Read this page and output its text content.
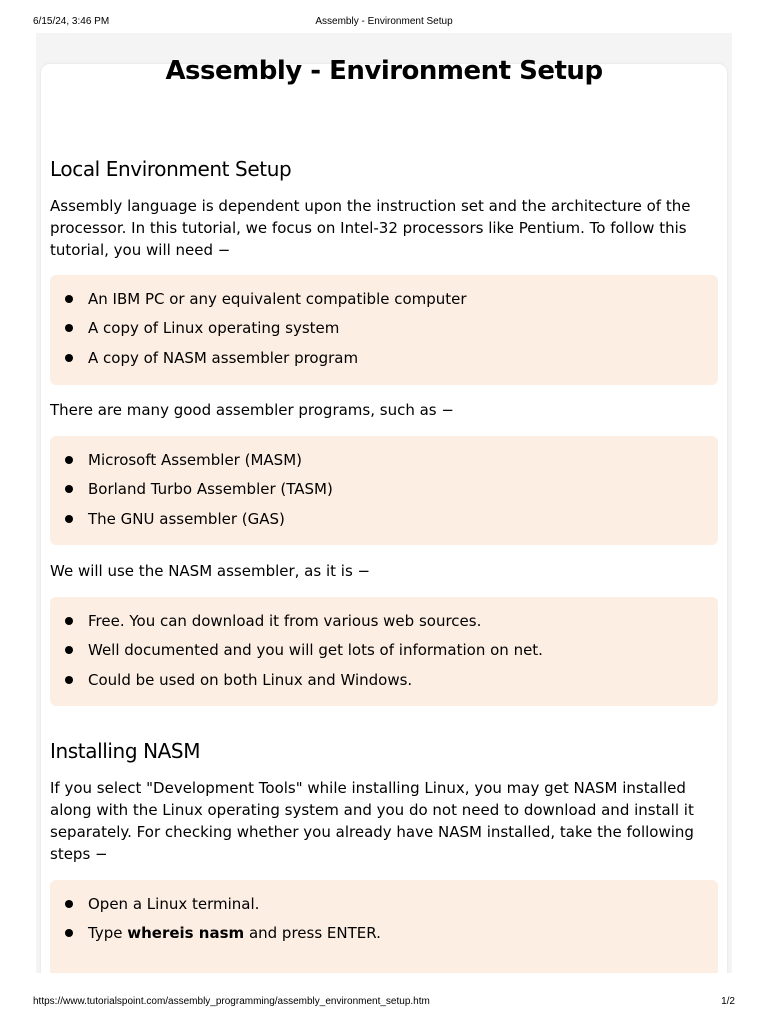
6/15/24, 3:46 PM	Assembly - Environment Setup
Assembly - Environment Setup
Local Environment Setup

Assembly language is dependent upon the instruction set and the architecture of the processor. In this tutorial, we focus on Intel-32 processors like Pentium. To follow this tutorial, you will need −

An IBM PC or any equivalent compatible computer
A copy of Linux operating system
A copy of NASM assembler program

There are many good assembler programs, such as −

Microsoft Assembler (MASM)
Borland Turbo Assembler (TASM)
The GNU assembler (GAS)

We will use the NASM assembler, as it is −

Free. You can download it from various web sources.
Well documented and you will get lots of information on net.
Could be used on both Linux and Windows.
Installing NASM

If you select "Development Tools" while installing Linux, you may get NASM installed along with the Linux operating system and you do not need to download and install it separately. For checking whether you already have NASM installed, take the following steps −

Open a Linux terminal.
Type whereis nasm and press ENTER.
https://www.tutorialspoint.com/assembly_programming/assembly_environment_setup.htm	1/2
